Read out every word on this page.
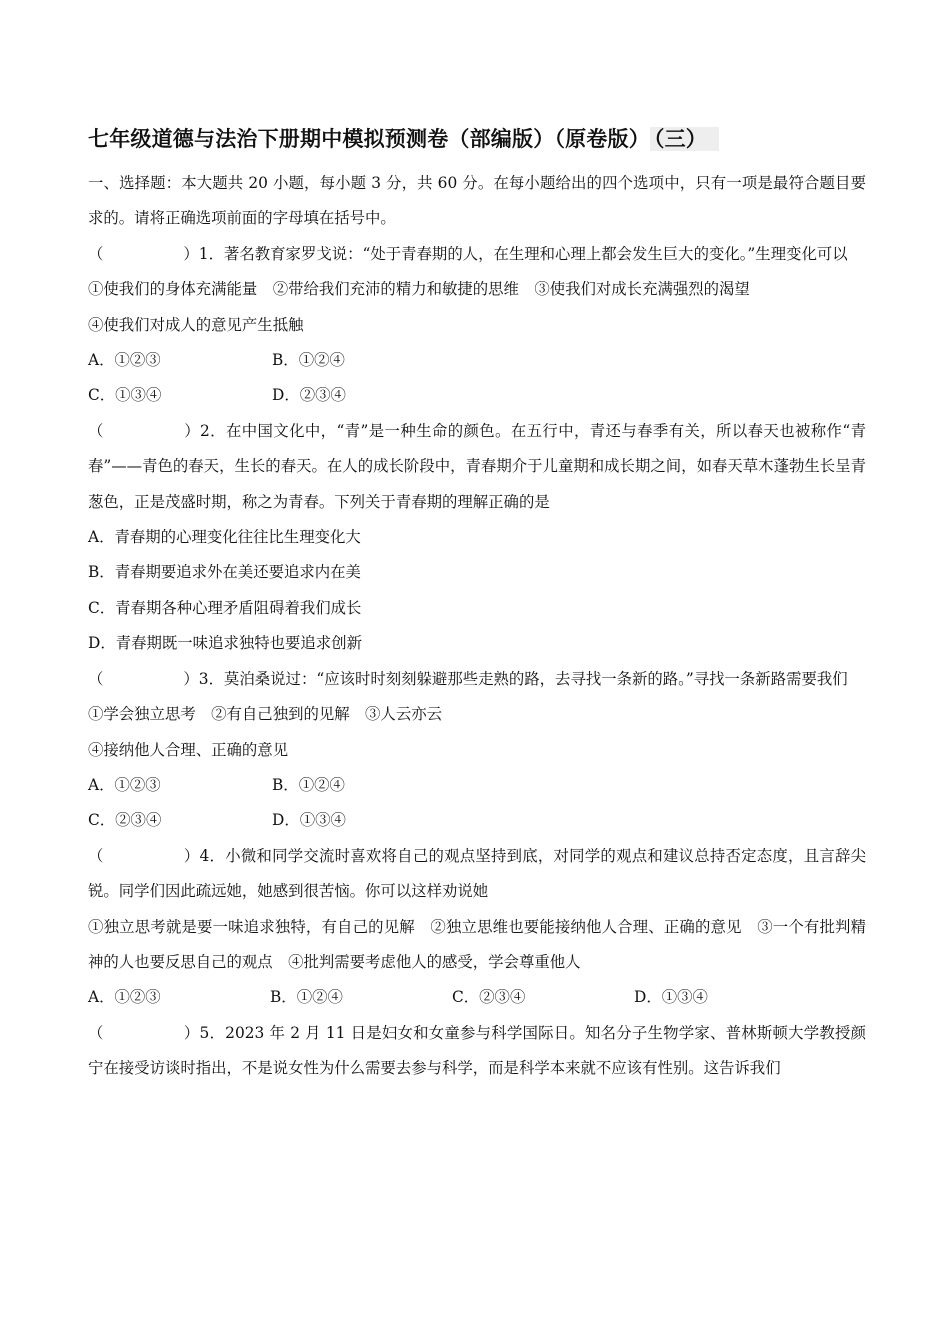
七年级道德与法治下册期中模拟预测卷（部编版）（原卷版） （三）
一、选择题：本大题共 20 小题，每小题 3 分，共 60 分。在每小题给出的四个选项中，只有一项是最符合题目要求的。请将正确选项前面的字母填在括号中。
（	）1．著名教育家罗戈说：“处于青春期的人，在生理和心理上都会发生巨大的变化。”生理变化可以
①使我们的身体充满能量　②带给我们充沛的精力和敏捷的思维　③使我们对成长充满强烈的渴望
④使我们对成人的意见产生抵触
A．①②③	B．①②④
C．①③④	D．②③④
（	）2．在中国文化中，“青”是一种生命的颜色。在五行中，青还与春季有关，所以春天也被称作“青春”——青色的春天，生长的春天。在人的成长阶段中，青春期介于儿童期和成长期之间，如春天草木蓬勃生长呈青葱色，正是茂盛时期，称之为青春。下列关于青春期的理解正确的是
A．青春期的心理变化往往比生理变化大
B．青春期要追求外在美还要追求内在美
C．青春期各种心理矛盾阻碍着我们成长
D．青春期既一味追求独特也要追求创新
（	）3．莫泊桑说过：“应该时时刻刻躲避那些走熟的路，去寻找一条新的路。”寻找一条新路需要我们
①学会独立思考　②有自己独到的见解　③人云亦云
④接纳他人合理、正确的意见
A．①②③	B．①②④
C．②③④	D．①③④
（	）4．小微和同学交流时喜欢将自己的观点坚持到底，对同学的观点和建议总持否定态度，且言辞尖锐。同学们因此疏远她，她感到很苦恼。你可以这样劝说她
①独立思考就是要一味追求独特，有自己的见解　②独立思维也要能接纳他人合理、正确的意见　③一个有批判精神的人也要反思自己的观点　④批判需要考虑他人的感受，学会尊重他人
A．①②③	B．①②④	C．②③④	D．①③④
（	）5．2023 年 2 月 11 日是妇女和女童参与科学国际日。知名分子生物学家、普林斯顿大学教授颜宁在接受访谈时指出，不是说女性为什么需要去参与科学，而是科学本来就不应该有性别。这告诉我们
